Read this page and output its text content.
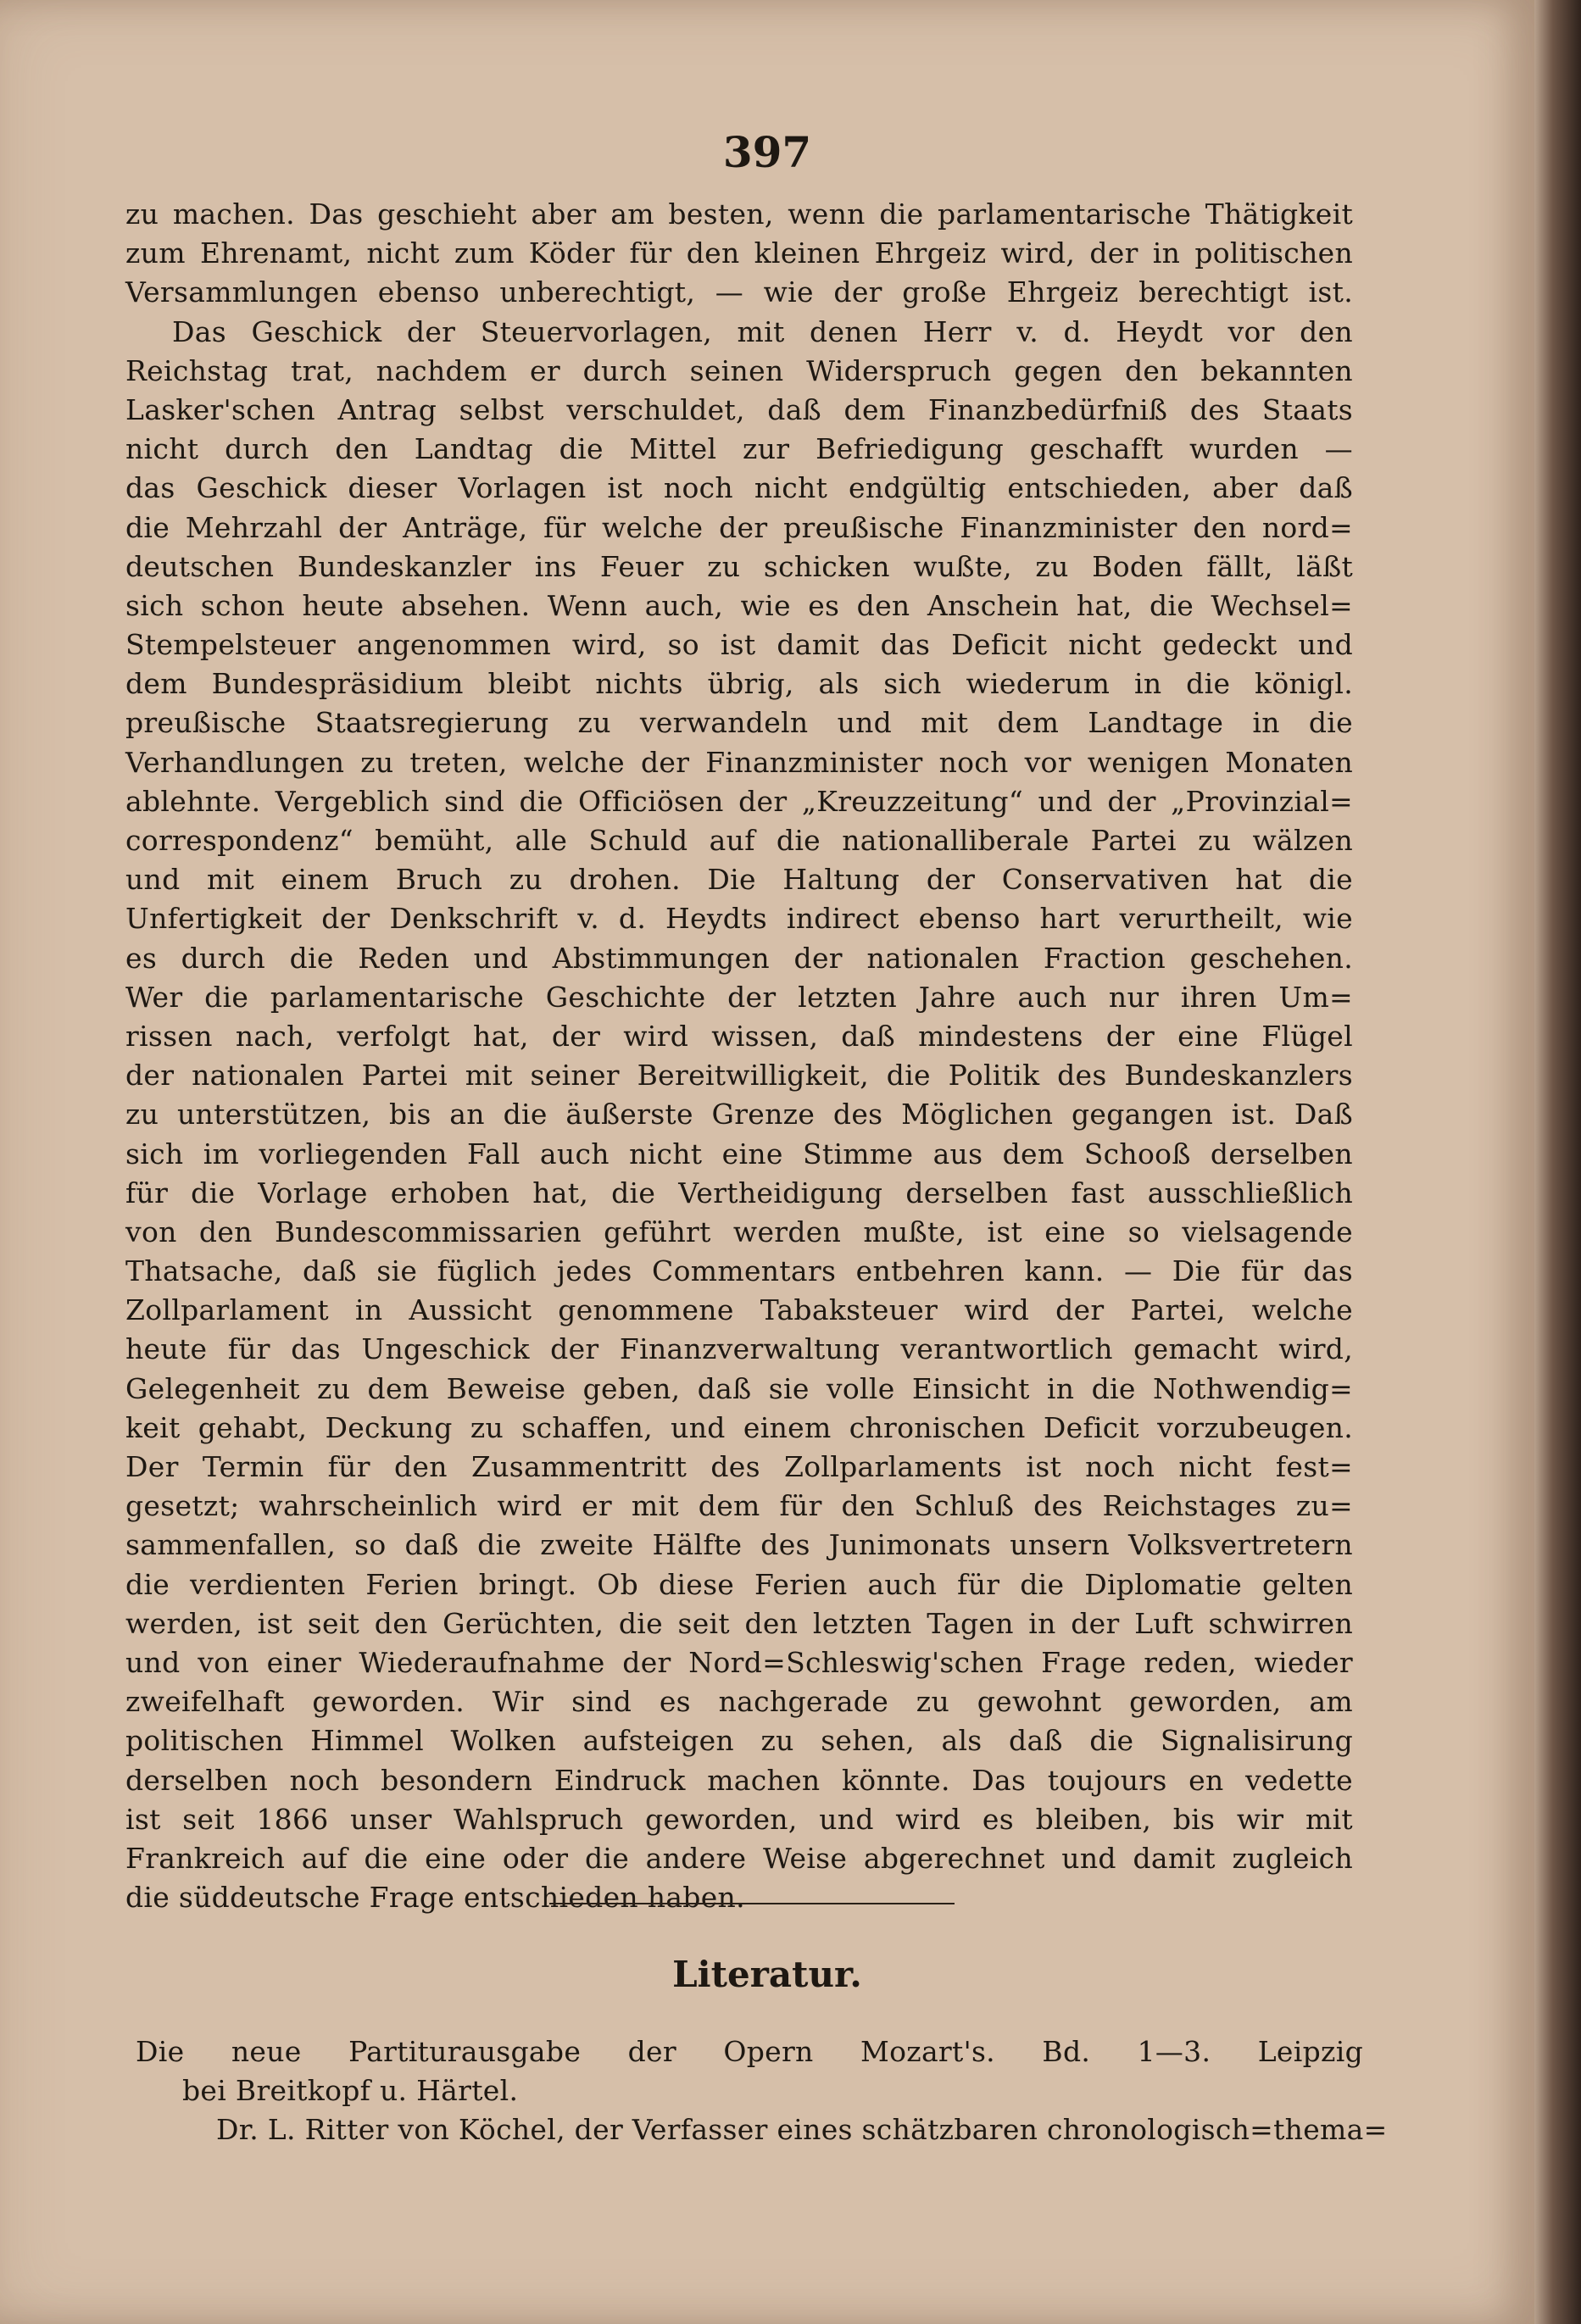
397
zu machen. Das geschieht aber am besten, wenn die parlamentarische Thätigkeit
zum Ehrenamt, nicht zum Köder für den kleinen Ehrgeiz wird, der in politischen
Versammlungen ebenso unberechtigt, — wie der große Ehrgeiz berechtigt ist.
Das Geschick der Steuervorlagen, mit denen Herr v. d. Heydt vor den
Reichstag trat, nachdem er durch seinen Widerspruch gegen den bekannten
Lasker'schen Antrag selbst verschuldet, daß dem Finanzbedürfniß des Staats
nicht durch den Landtag die Mittel zur Befriedigung geschafft wurden —
das Geschick dieser Vorlagen ist noch nicht endgültig entschieden, aber daß
die Mehrzahl der Anträge, für welche der preußische Finanzminister den nord=
deutschen Bundeskanzler ins Feuer zu schicken wußte, zu Boden fällt, läßt
sich schon heute absehen. Wenn auch, wie es den Anschein hat, die Wechsel=
Stempelsteuer angenommen wird, so ist damit das Deficit nicht gedeckt und
dem Bundespräsidium bleibt nichts übrig, als sich wiederum in die königl.
preußische Staatsregierung zu verwandeln und mit dem Landtage in die
Verhandlungen zu treten, welche der Finanzminister noch vor wenigen Monaten
ablehnte. Vergeblich sind die Officiösen der „Kreuzzeitung“ und der „Provinzial=
correspondenz“ bemüht, alle Schuld auf die nationalliberale Partei zu wälzen
und mit einem Bruch zu drohen. Die Haltung der Conservativen hat die
Unfertigkeit der Denkschrift v. d. Heydts indirect ebenso hart verurtheilt, wie
es durch die Reden und Abstimmungen der nationalen Fraction geschehen.
Wer die parlamentarische Geschichte der letzten Jahre auch nur ihren Um=
rissen nach, verfolgt hat, der wird wissen, daß mindestens der eine Flügel
der nationalen Partei mit seiner Bereitwilligkeit, die Politik des Bundeskanzlers
zu unterstützen, bis an die äußerste Grenze des Möglichen gegangen ist. Daß
sich im vorliegenden Fall auch nicht eine Stimme aus dem Schooß derselben
für die Vorlage erhoben hat, die Vertheidigung derselben fast ausschließlich
von den Bundescommissarien geführt werden mußte, ist eine so vielsagende
Thatsache, daß sie füglich jedes Commentars entbehren kann. — Die für das
Zollparlament in Aussicht genommene Tabaksteuer wird der Partei, welche
heute für das Ungeschick der Finanzverwaltung verantwortlich gemacht wird,
Gelegenheit zu dem Beweise geben, daß sie volle Einsicht in die Nothwendig=
keit gehabt, Deckung zu schaffen, und einem chronischen Deficit vorzubeugen.
Der Termin für den Zusammentritt des Zollparlaments ist noch nicht fest=
gesetzt; wahrscheinlich wird er mit dem für den Schluß des Reichstages zu=
sammenfallen, so daß die zweite Hälfte des Junimonats unsern Volksvertretern
die verdienten Ferien bringt. Ob diese Ferien auch für die Diplomatie gelten
werden, ist seit den Gerüchten, die seit den letzten Tagen in der Luft schwirren
und von einer Wiederaufnahme der Nord=Schleswig'schen Frage reden, wieder
zweifelhaft geworden. Wir sind es nachgerade zu gewohnt geworden, am
politischen Himmel Wolken aufsteigen zu sehen, als daß die Signalisirung
derselben noch besondern Eindruck machen könnte. Das toujours en vedette
ist seit 1866 unser Wahlspruch geworden, und wird es bleiben, bis wir mit
Frankreich auf die eine oder die andere Weise abgerechnet und damit zugleich
die süddeutsche Frage entschieden haben.
Literatur.
Die neue Partiturausgabe der Opern Mozart's. Bd. 1—3. Leipzig
bei Breitkopf u. Härtel.
Dr. L. Ritter von Köchel, der Verfasser eines schätzbaren chronologisch=thema=
